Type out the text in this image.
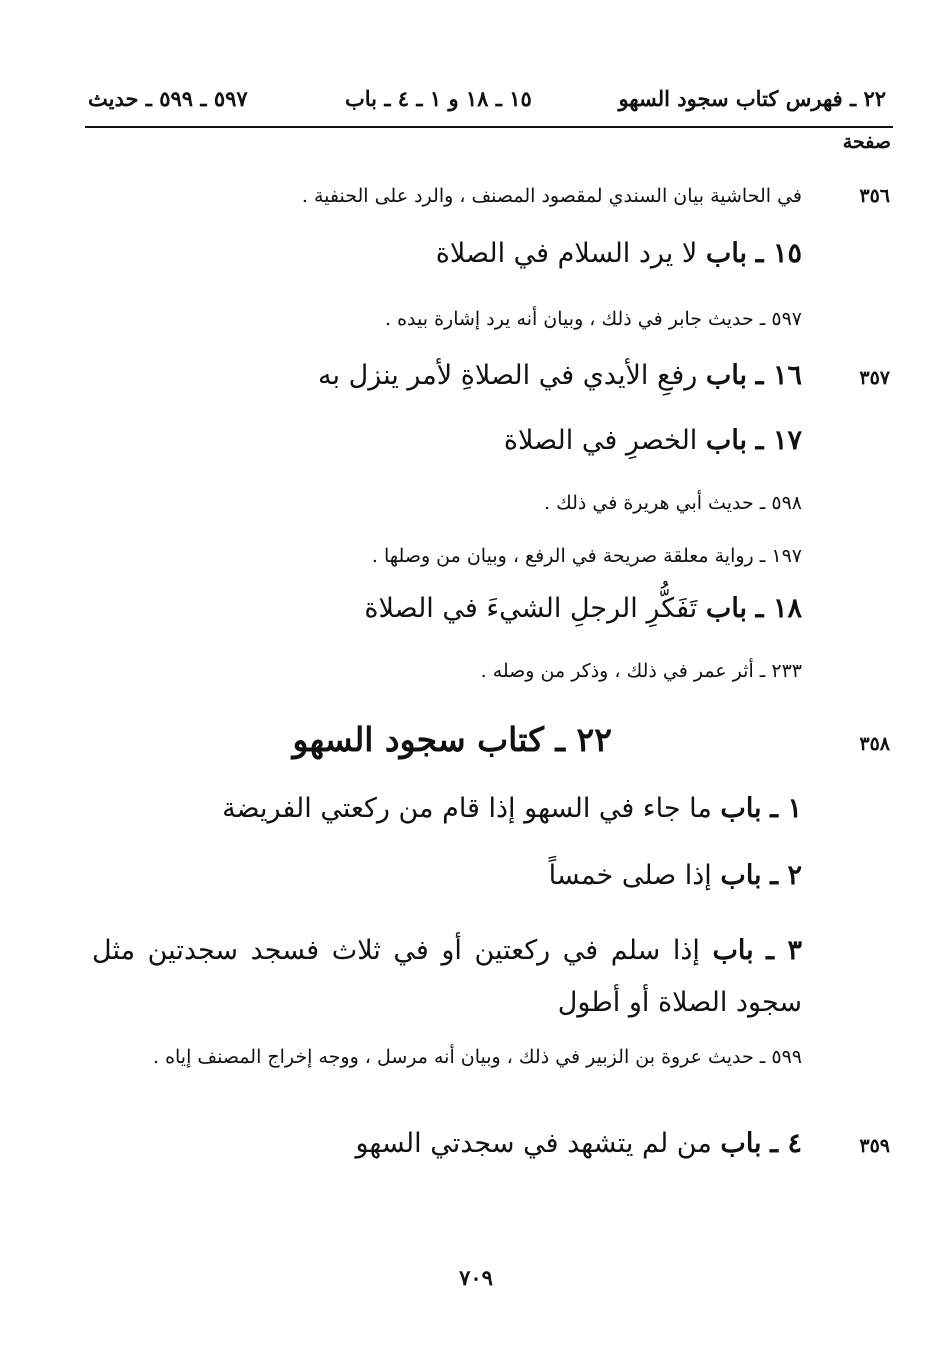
٢٢ ـ فهرس كتاب سجود السهو
١٥ ـ ١٨ و ١ ـ ٤ ـ باب
٥٩٧ ـ ٥٩٩ ـ حديث
صفحة
٣٥٦
في الحاشية بيان السندي لمقصود المصنف ، والرد على الحنفية .
١٥ ـ باب لا يرد السلام في الصلاة
٥٩٧ ـ حديث جابر في ذلك ، وبيان أنه يرد إشارة بيده .
٣٥٧
١٦ ـ باب رفعِ الأيدي في الصلاةِ لأمر ينزل به
١٧ ـ باب الخصرِ في الصلاة
٥٩٨ ـ حديث أبي هريرة في ذلك .
١٩٧ ـ رواية معلقة صريحة في الرفع ، وبيان من وصلها .
١٨ ـ باب تَفَكُّرِ الرجلِ الشيءَ في الصلاة
٢٣٣ ـ أثر عمر في ذلك ، وذكر من وصله .
٣٥٨
٢٢ ـ كتاب سجود السهو
١ ـ باب ما جاء في السهو إذا قام من ركعتي الفريضة
٢ ـ باب إذا صلى خمساً
٣ ـ باب إذا سلم في ركعتين أو في ثلاث فسجد سجدتين مثل سجود الصلاة أو أطول
٥٩٩ ـ حديث عروة بن الزبير في ذلك ، وبيان أنه مرسل ، ووجه إخراج المصنف إياه .
٣٥٩
٤ ـ باب من لم يتشهد في سجدتي السهو
٧٠٩
